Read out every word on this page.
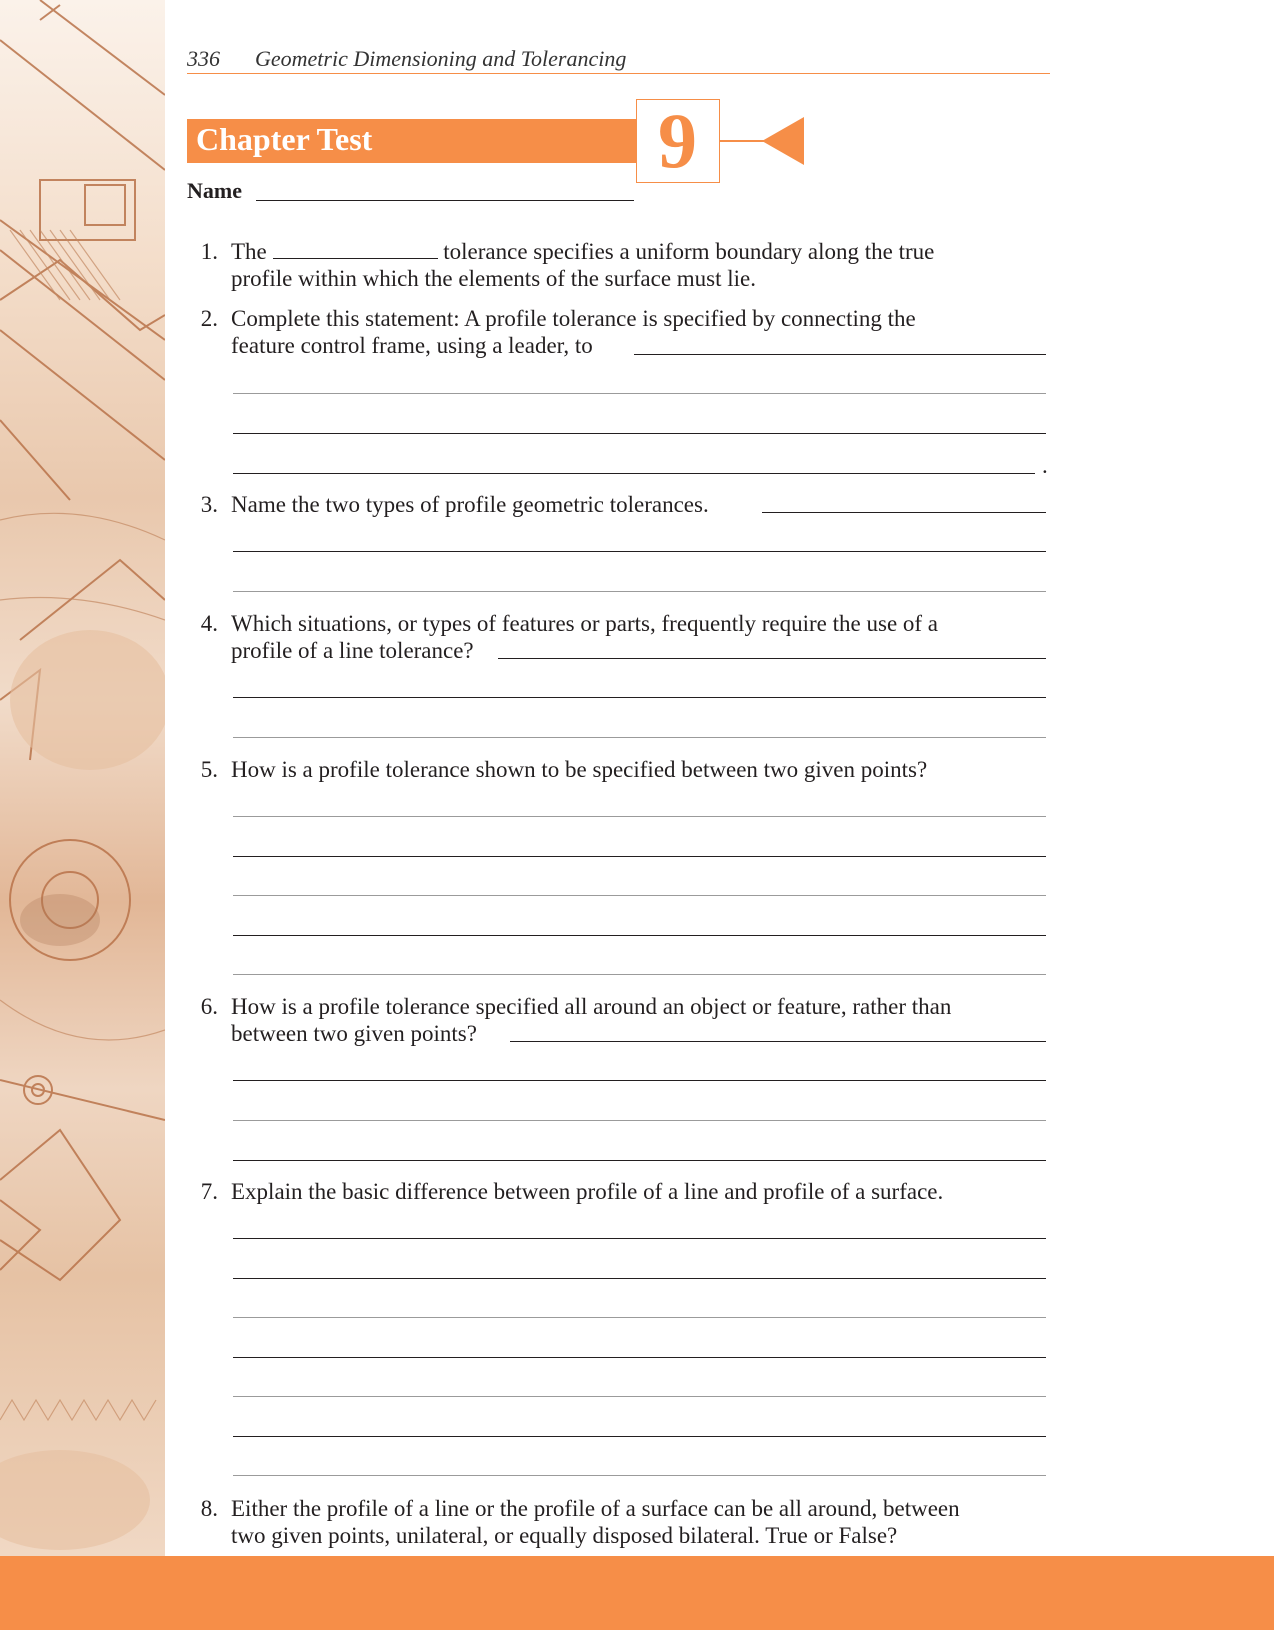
336 Geometric Dimensioning and Tolerancing
Chapter Test	9
Name
1. The	tolerance specifies a uniform boundary along the true
profile within which the elements of the surface must lie.
2. Complete this statement: A profile tolerance is specified by connecting the
feature control frame, using a leader, to
.
3. Name the two types of profile geometric tolerances.
4. Which situations, or types of features or parts, frequently require the use of a
profile of a line tolerance?
5. How is a profile tolerance shown to be specified between two given points?
6. How is a profile tolerance specified all around an object or feature, rather than
between two given points?
7. Explain the basic difference between profile of a line and profile of a surface.
8. Either the profile of a line or the profile of a surface can be all around, between
two given points, unilateral, or equally disposed bilateral. True or False?
